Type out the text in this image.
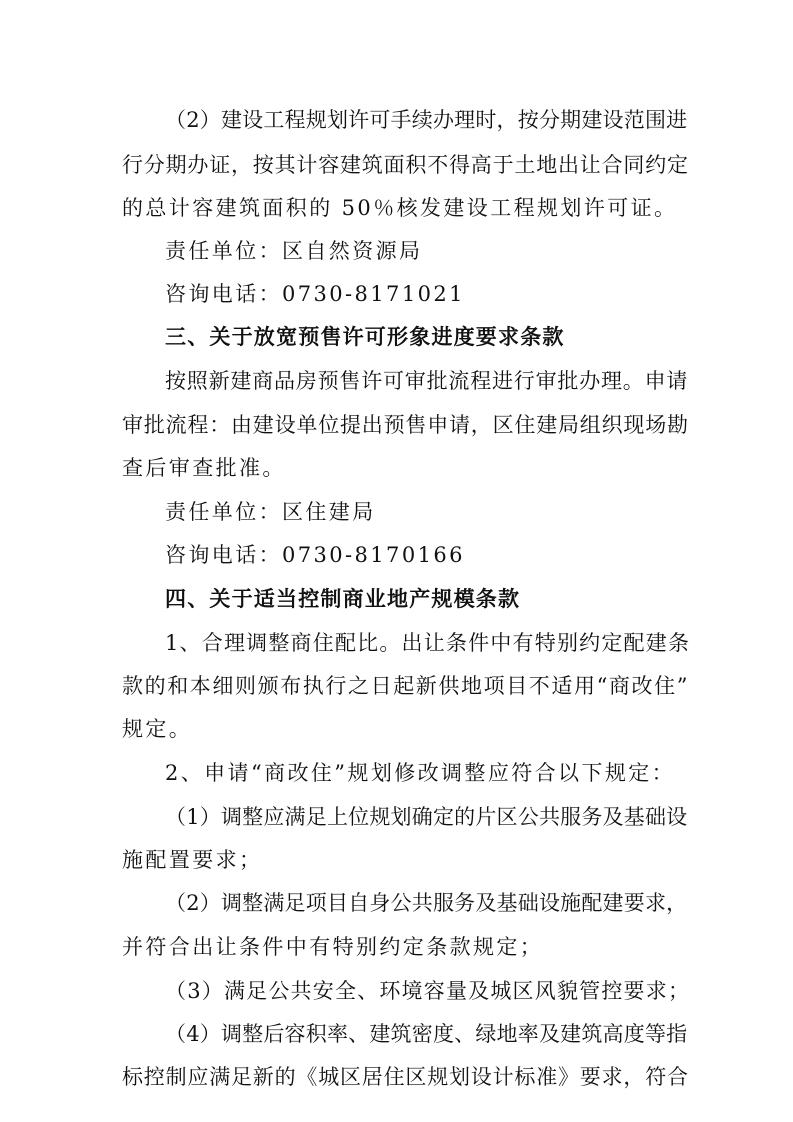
（2）建设工程规划许可手续办理时，按分期建设范围进
行分期办证，按其计容建筑面积不得高于土地出让合同约定
的总计容建筑面积的 50％核发建设工程规划许可证。
责任单位：区自然资源局
咨询电话：0730-8171021
三、关于放宽预售许可形象进度要求条款
按照新建商品房预售许可审批流程进行审批办理。申请
审批流程：由建设单位提出预售申请，区住建局组织现场勘
查后审查批准。
责任单位：区住建局
咨询电话：0730-8170166
四、关于适当控制商业地产规模条款
1、合理调整商住配比。出让条件中有特别约定配建条
款的和本细则颁布执行之日起新供地项目不适用“商改住”
规定。
2、申请“商改住”规划修改调整应符合以下规定：
（1）调整应满足上位规划确定的片区公共服务及基础设
施配置要求；
（2）调整满足项目自身公共服务及基础设施配建要求，
并符合出让条件中有特别约定条款规定；
（3）满足公共安全、环境容量及城区风貌管控要求；
（4）调整后容积率、建筑密度、绿地率及建筑高度等指
标控制应满足新的《城区居住区规划设计标准》要求，符合
